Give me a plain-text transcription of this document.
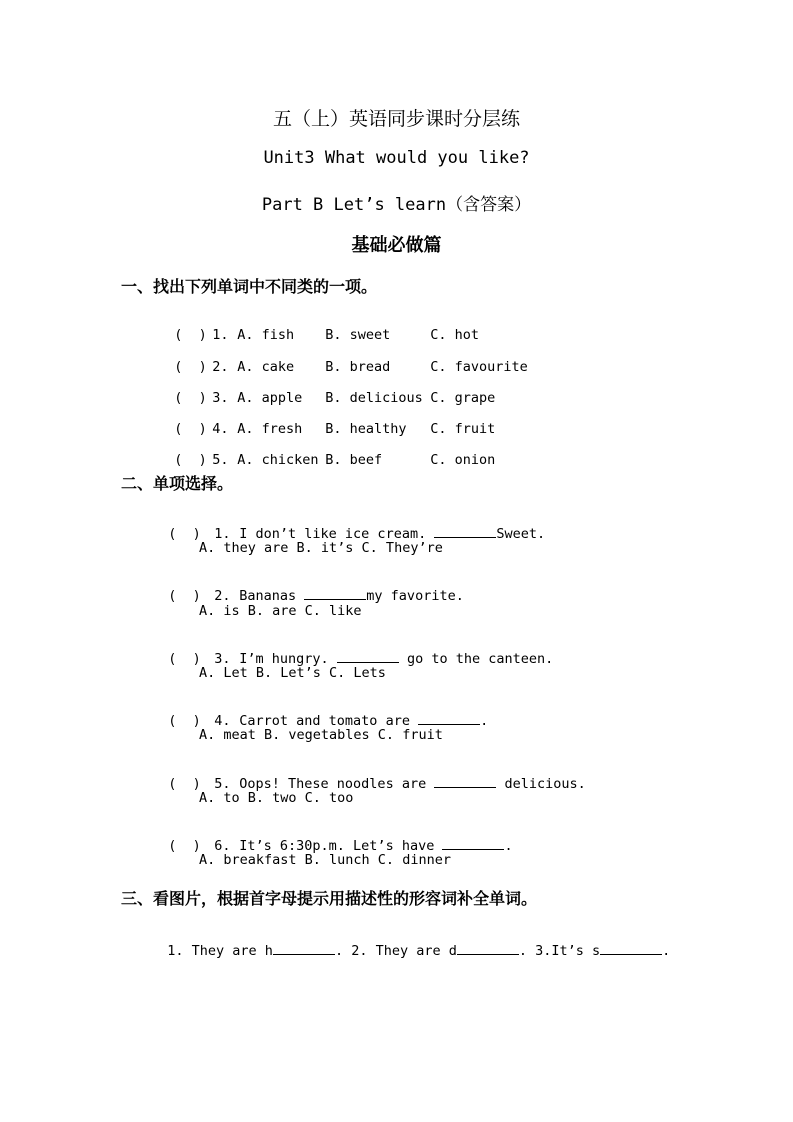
五（上）英语同步课时分层练
Unit3 What would you like?
Part B Let’s learn（含答案）
基础必做篇
一、找出下列单词中不同类的一项。

(  ) 1. A. fish B. sweet	C. hot

(  ) 2. A. cake B. bread	C. favourite

(  ) 3. A. apple B. delicious C. grape

(  ) 4. A. fresh B. healthy C. fruit

(  ) 5. A. chicken B. beef	C. onion

二、单项选择。

(  ) 1. I don’t like ice cream.	Sweet.

A. they are B. it’s C. They’re

(  ) 2. Bananas	my favorite.

A. is B. are C. like

(  ) 3. I’m hungry.	go to the canteen.

A. Let B. Let’s C. Lets

(  ) 4. Carrot and tomato are	.

A. meat B. vegetables C. fruit

(  ) 5. Oops! These noodles are	delicious.

A. to B. two C. too

(  ) 6. It’s 6:30p.m. Let’s have	.

A. breakfast B. lunch C. dinner
三、看图片，根据首字母提示用描述性的形容词补全单词。

1. They are h	. 2. They are d	. 3.It’s s	.
